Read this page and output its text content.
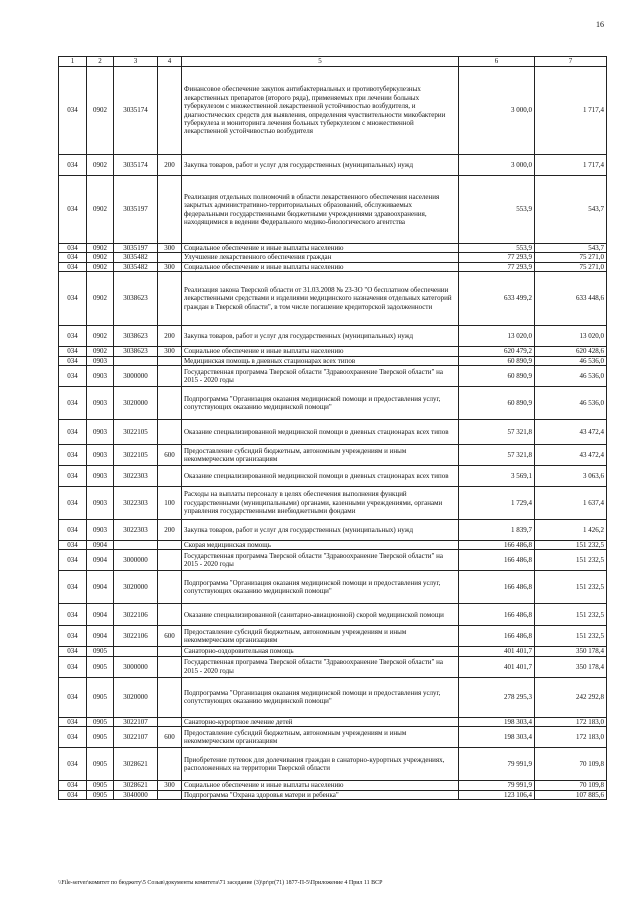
16
1	2	3	4	5	6	7
034	0902	3035174		Финансовое обеспечение закупок антибактериальных и противотуберкулезных лекарственных препаратов (второго ряда), применяемых при лечении больных туберкулезом с множественной лекарственной устойчивостью возбудителя, и диагностических средств для выявления, определения чувствительности микобактерии туберкулеза и мониторинга лечения больных туберкулезом с множественной лекарственной устойчивостью возбудителя	3 000,0	1 717,4
034	0902	3035174	200	Закупка товаров, работ и услуг для государственных (муниципальных) нужд	3 000,0	1 717,4
034	0902	3035197		Реализация отдельных полномочий в области лекарственного обеспечения населения закрытых административно-территориальных образований, обслуживаемых федеральными государственными бюджетными учреждениями здравоохранения, находящимися в ведении Федерального медико-биологического агентства	553,9	543,7
034	0902	3035197	300	Социальное обеспечение и иные выплаты населению	553,9	543,7
034	0902	3035482		Улучшение лекарственного обеспечения граждан	77 293,9	75 271,0
034	0902	3035482	300	Социальное обеспечение и иные выплаты населению	77 293,9	75 271,0
034	0902	3038623		Реализация закона Тверской области от 31.03.2008 № 23-ЗО "О бесплатном обеспечении лекарственными средствами и изделиями медицинского назначения отдельных категорий граждан в Тверской области", в том числе погашение кредиторской задолженности	633 499,2	633 448,6
034	0902	3038623	200	Закупка товаров, работ и услуг для государственных (муниципальных) нужд	13 020,0	13 020,0
034	0902	3038623	300	Социальное обеспечение и иные выплаты населению	620 479,2	620 428,6
034	0903			Медицинская помощь в дневных стационарах всех типов	60 890,9	46 536,0
034	0903	3000000		Государственная программа Тверской области "Здравоохранение Тверской области" на 2015 - 2020 годы	60 890,9	46 536,0
034	0903	3020000		Подпрограмма "Организация оказания медицинской помощи и предоставления услуг, сопутствующих оказанию медицинской помощи"	60 890,9	46 536,0
034	0903	3022105		Оказание специализированной медицинской помощи в дневных стационарах всех типов	57 321,8	43 472,4
034	0903	3022105	600	Предоставление субсидий бюджетным, автономным учреждениям и иным некоммерческим организациям	57 321,8	43 472,4
034	0903	3022303		Оказание специализированной медицинской помощи в дневных стационарах всех типов	3 569,1	3 063,6
034	0903	3022303	100	Расходы на выплаты персоналу в целях обеспечения выполнения функций государственными (муниципальными) органами, казенными учреждениями, органами управления государственными внебюджетными фондами	1 729,4	1 637,4
034	0903	3022303	200	Закупка товаров, работ и услуг для государственных (муниципальных) нужд	1 839,7	1 426,2
034	0904			Скорая медицинская помощь	166 486,8	151 232,5
034	0904	3000000		Государственная программа Тверской области "Здравоохранение Тверской области" на 2015 - 2020 годы	166 486,8	151 232,5
034	0904	3020000		Подпрограмма "Организация оказания медицинской помощи и предоставления услуг, сопутствующих оказанию медицинской помощи"	166 486,8	151 232,5
034	0904	3022106		Оказание специализированной (санитарно-авиационной) скорой медицинской помощи	166 486,8	151 232,5
034	0904	3022106	600	Предоставление субсидий бюджетным, автономным учреждениям и иным некоммерческим организациям	166 486,8	151 232,5
034	0905			Санаторно-оздоровительная помощь	401 401,7	350 178,4
034	0905	3000000		Государственная программа Тверской области "Здравоохранение Тверской области" на 2015 - 2020 годы	401 401,7	350 178,4
034	0905	3020000		Подпрограмма "Организация оказания медицинской помощи и предоставления услуг, сопутствующих оказанию медицинской помощи"	278 295,3	242 292,8
034	0905	3022107		Санаторно-курортное лечение детей	198 303,4	172 183,0
034	0905	3022107	600	Предоставление субсидий бюджетным, автономным учреждениям и иным некоммерческим организациям	198 303,4	172 183,0
034	0905	3028621		Приобретение путевок для долечивания граждан в санаторно-курортных учреждениях, расположенных на территории Тверской области	79 991,9	70 109,8
034	0905	3028621	300	Социальное обеспечение и иные выплаты населению	79 991,9	70 109,8
034	0905	3040000		Подпрограмма "Охрана здоровья матери и ребенка"	123 106,4	107 885,6
\\File-server\комитет по бюджету\5 Созыв\документы комитета\71 заседание (3)\pr\pr(71) 1877-П-5\Приложение 4 Прил 11 ВСР
